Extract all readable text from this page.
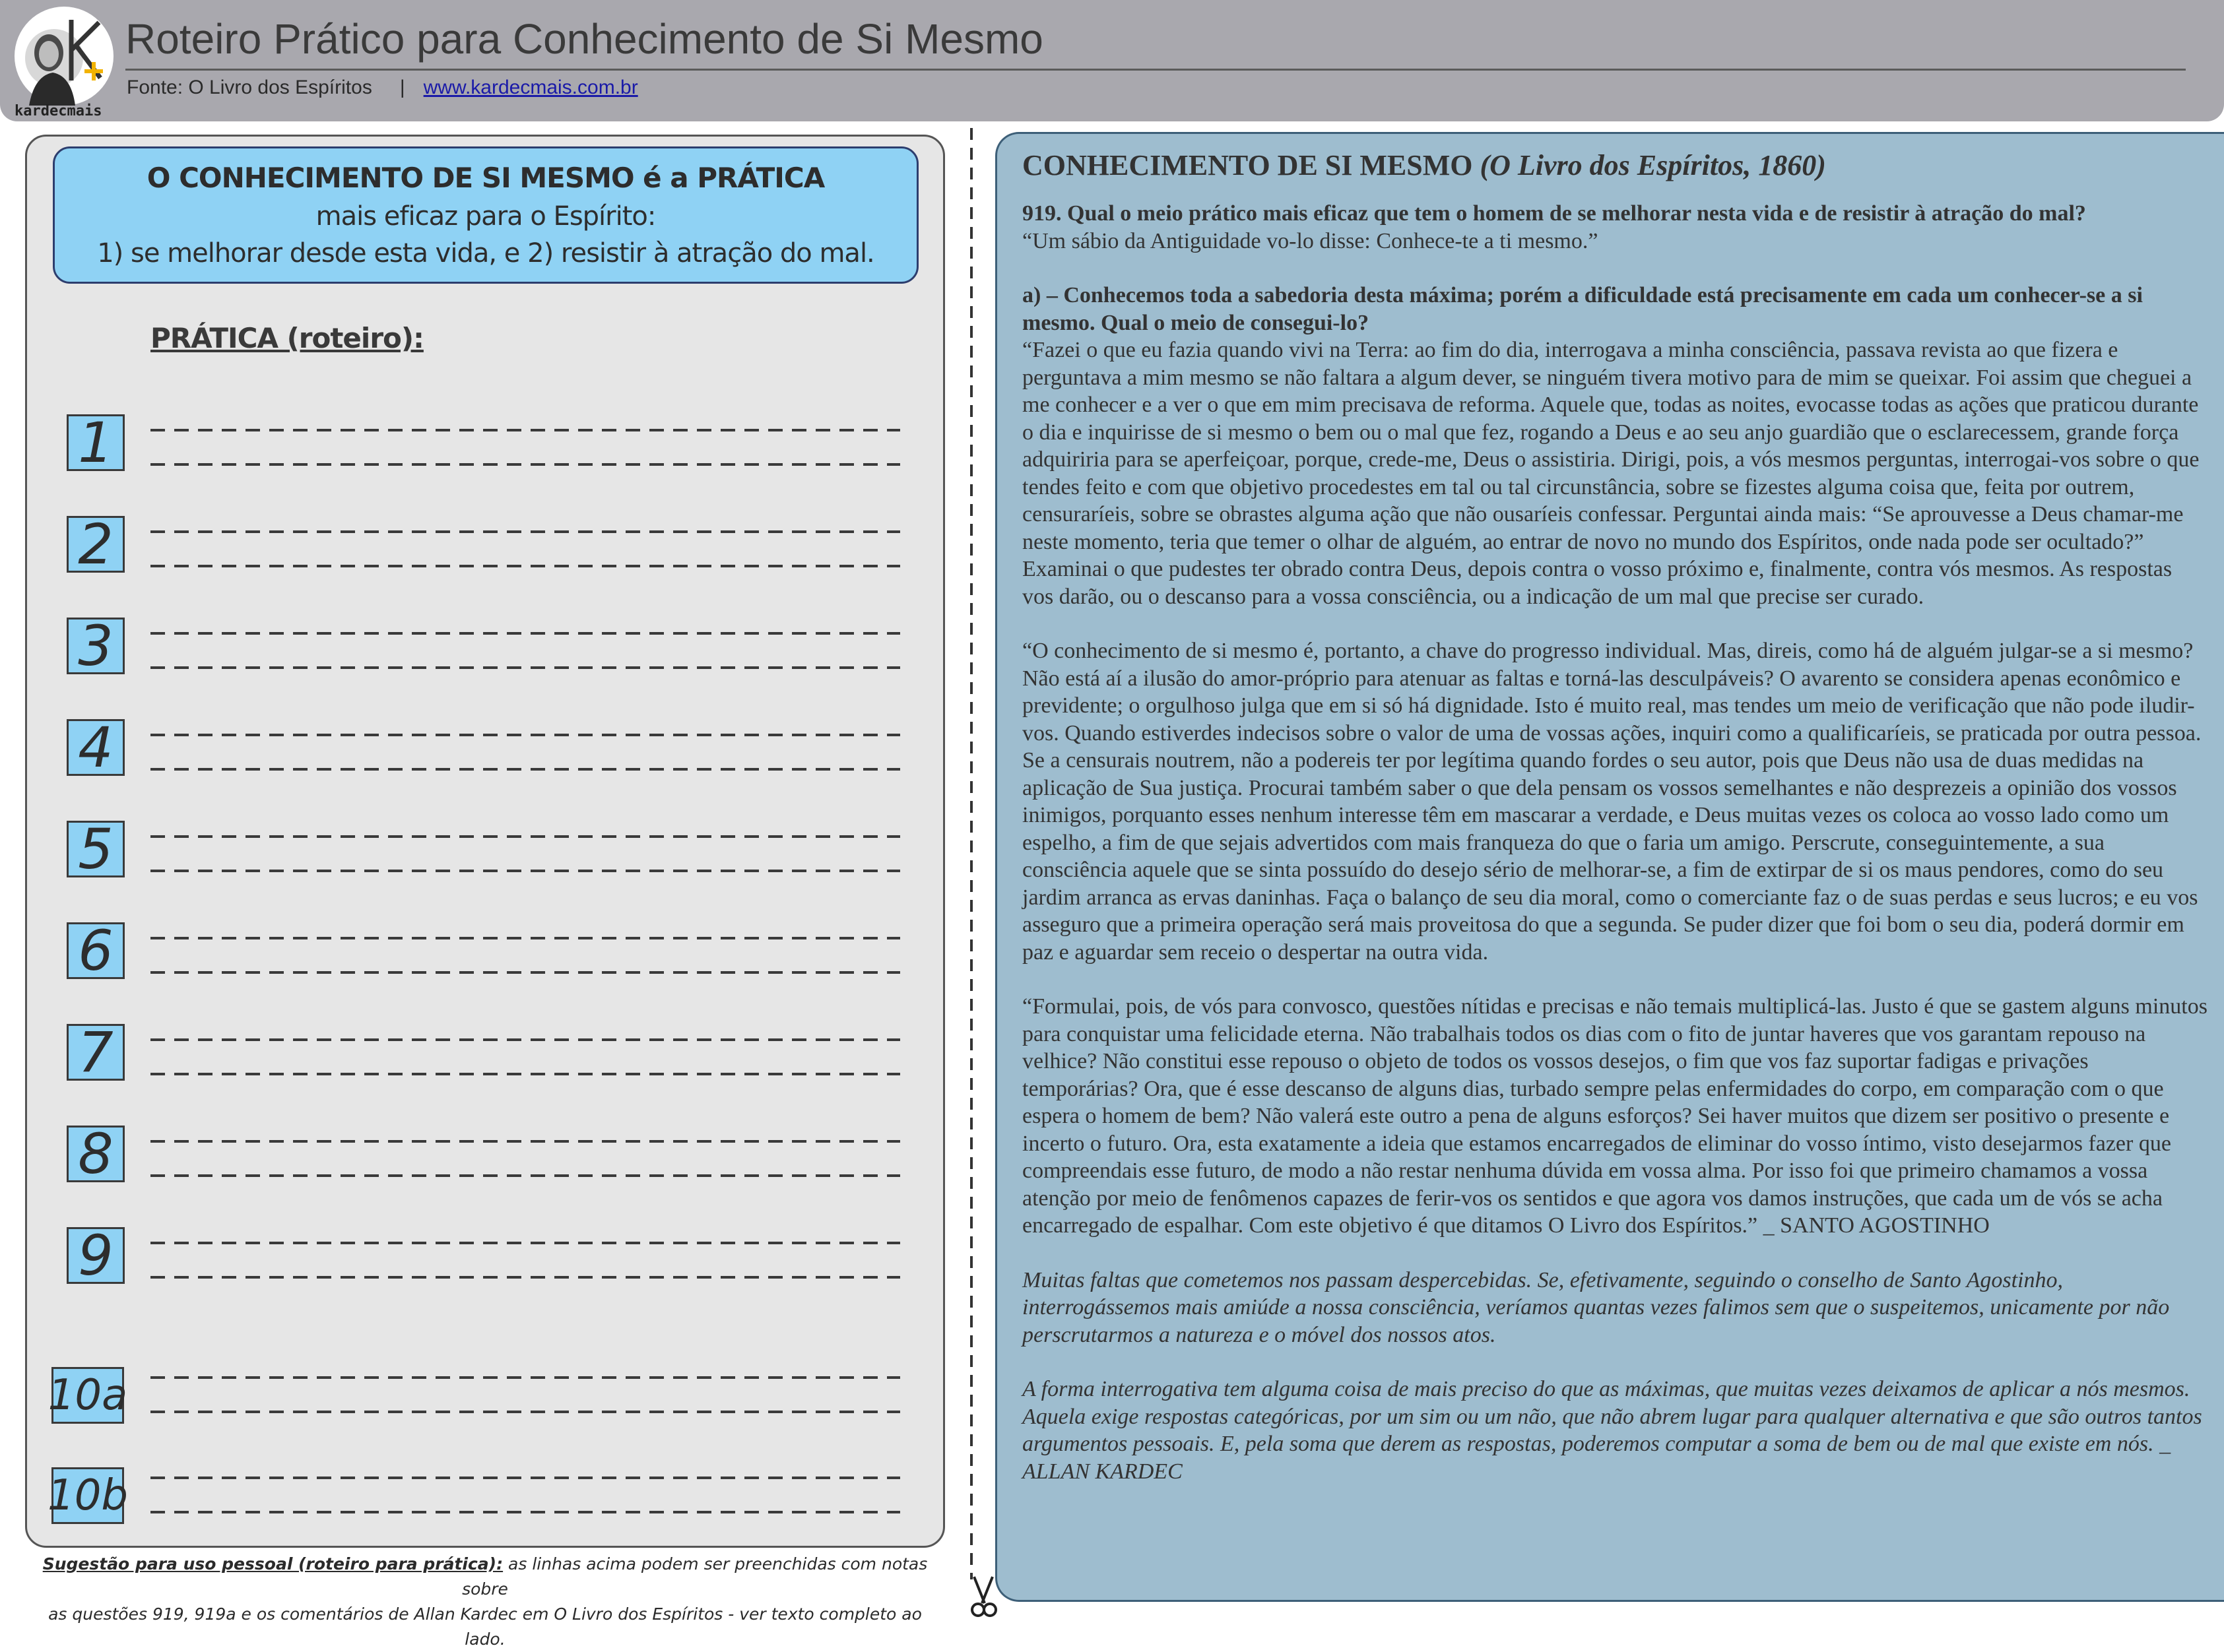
kardecmais
Roteiro Prático para Conhecimento de Si Mesmo
Fonte: O Livro dos Espíritos | www.kardecmais.com.br
O CONHECIMENTO DE SI MESMO é a PRÁTICA
mais eficaz para o Espírito:
1) se melhorar desde esta vida, e 2) resistir à atração do mal.
PRÁTICA (roteiro):
1
2
3
4
5
6
7
8
9
10a
10b
Sugestão para uso pessoal (roteiro para prática): as linhas acima podem ser preenchidas com notas sobre
as questões 919, 919a e os comentários de Allan Kardec em O Livro dos Espíritos - ver texto completo ao lado.
CONHECIMENTO DE SI MESMO (O Livro dos Espíritos, 1860)
919. Qual o meio prático mais eficaz que tem o homem de se melhorar nesta vida e de resistir à atração do mal?
“Um sábio da Antiguidade vo-lo disse: Conhece-te a ti mesmo.”
a) – Conhecemos toda a sabedoria desta máxima; porém a dificuldade está precisamente em cada um conhecer-se a si mesmo. Qual o meio de consegui-lo?
“Fazei o que eu fazia quando vivi na Terra: ao fim do dia, interrogava a minha consciência, passava revista ao que fizera e perguntava a mim mesmo se não faltara a algum dever, se ninguém tivera motivo para de mim se queixar. Foi assim que cheguei a me conhecer e a ver o que em mim precisava de reforma. Aquele que, todas as noites, evocasse todas as ações que praticou durante o dia e inquirisse de si mesmo o bem ou o mal que fez, rogando a Deus e ao seu anjo guardião que o esclarecessem, grande força adquiriria para se aperfeiçoar, porque, crede-me, Deus o assistiria. Dirigi, pois, a vós mesmos perguntas, interrogai-vos sobre o que tendes feito e com que objetivo procedestes em tal ou tal circunstância, sobre se fizestes alguma coisa que, feita por outrem, censuraríeis, sobre se obrastes alguma ação que não ousaríeis confessar. Perguntai ainda mais: “Se aprouvesse a Deus chamar-me neste momento, teria que temer o olhar de alguém, ao entrar de novo no mundo dos Espíritos, onde nada pode ser ocultado?” Examinai o que pudestes ter obrado contra Deus, depois contra o vosso próximo e, finalmente, contra vós mesmos. As respostas vos darão, ou o descanso para a vossa consciência, ou a indicação de um mal que precise ser curado.
“O conhecimento de si mesmo é, portanto, a chave do progresso individual. Mas, direis, como há de alguém julgar-se a si mesmo? Não está aí a ilusão do amor-próprio para atenuar as faltas e torná-las desculpáveis? O avarento se considera apenas econômico e previdente; o orgulhoso julga que em si só há dignidade. Isto é muito real, mas tendes um meio de verificação que não pode iludir-vos. Quando estiverdes indecisos sobre o valor de uma de vossas ações, inquiri como a qualificaríeis, se praticada por outra pessoa. Se a censurais noutrem, não a podereis ter por legítima quando fordes o seu autor, pois que Deus não usa de duas medidas na aplicação de Sua justiça. Procurai também saber o que dela pensam os vossos semelhantes e não desprezeis a opinião dos vossos inimigos, porquanto esses nenhum interesse têm em mascarar a verdade, e Deus muitas vezes os coloca ao vosso lado como um espelho, a fim de que sejais advertidos com mais franqueza do que o faria um amigo. Perscrute, conseguintemente, a sua consciência aquele que se sinta possuído do desejo sério de melhorar-se, a fim de extirpar de si os maus pendores, como do seu jardim arranca as ervas daninhas. Faça o balanço de seu dia moral, como o comerciante faz o de suas perdas e seus lucros; e eu vos asseguro que a primeira operação será mais proveitosa do que a segunda. Se puder dizer que foi bom o seu dia, poderá dormir em paz e aguardar sem receio o despertar na outra vida.
“Formulai, pois, de vós para convosco, questões nítidas e precisas e não temais multiplicá-las. Justo é que se gastem alguns minutos para conquistar uma felicidade eterna. Não trabalhais todos os dias com o fito de juntar haveres que vos garantam repouso na velhice? Não constitui esse repouso o objeto de todos os vossos desejos, o fim que vos faz suportar fadigas e privações temporárias? Ora, que é esse descanso de alguns dias, turbado sempre pelas enfermidades do corpo, em comparação com o que espera o homem de bem? Não valerá este outro a pena de alguns esforços? Sei haver muitos que dizem ser positivo o presente e incerto o futuro. Ora, esta exatamente a ideia que estamos encarregados de eliminar do vosso íntimo, visto desejarmos fazer que compreendais esse futuro, de modo a não restar nenhuma dúvida em vossa alma. Por isso foi que primeiro chamamos a vossa atenção por meio de fenômenos capazes de ferir-vos os sentidos e que agora vos damos instruções, que cada um de vós se acha encarregado de espalhar. Com este objetivo é que ditamos O Livro dos Espíritos.” _ SANTO AGOSTINHO
Muitas faltas que cometemos nos passam despercebidas. Se, efetivamente, seguindo o conselho de Santo Agostinho, interrogássemos mais amiúde a nossa consciência, veríamos quantas vezes falimos sem que o suspeitemos, unicamente por não perscrutarmos a natureza e o móvel dos nossos atos.
A forma interrogativa tem alguma coisa de mais preciso do que as máximas, que muitas vezes deixamos de aplicar a nós mesmos. Aquela exige respostas categóricas, por um sim ou um não, que não abrem lugar para qualquer alternativa e que são outros tantos argumentos pessoais. E, pela soma que derem as respostas, poderemos computar a soma de bem ou de mal que existe em nós. _ ALLAN KARDEC
